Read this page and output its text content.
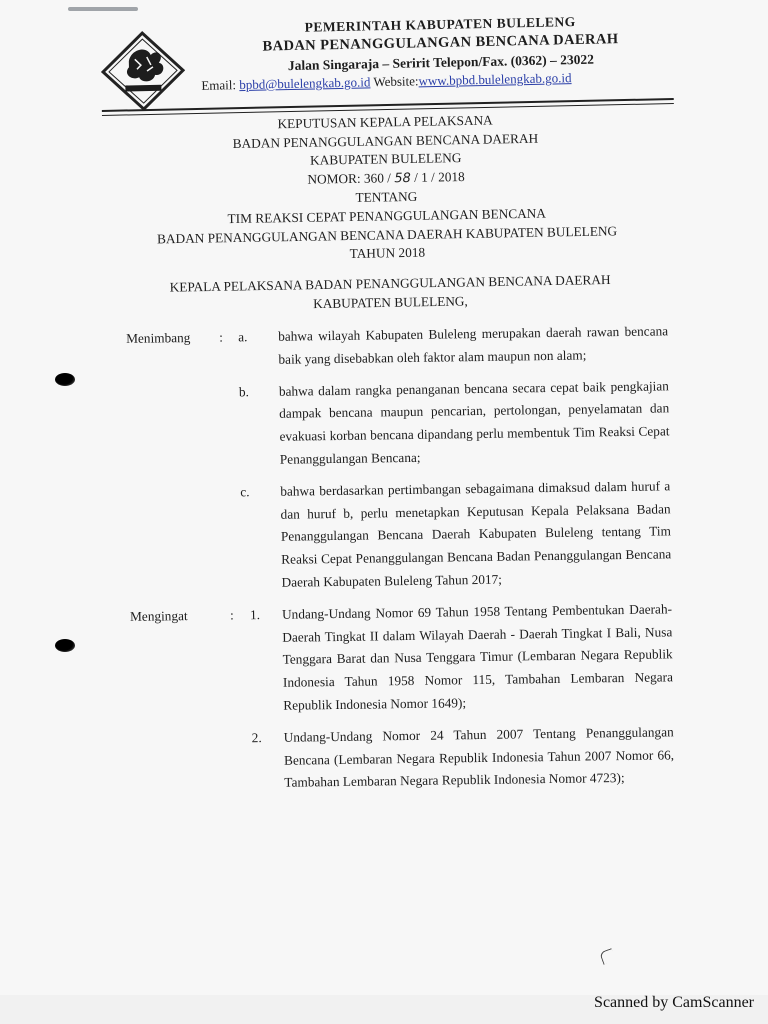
PEMERINTAH KABUPATEN BULELENG
BADAN PENANGGULANGAN BENCANA DAERAH
Jalan Singaraja – Seririt Telepon/Fax. (0362) – 23022
Email: bpbd@bulelengkab.go.id Website:www.bpbd.bulelengkab.go.id
KEPUTUSAN KEPALA PELAKSANA
BADAN PENANGGULANGAN BENCANA DAERAH
KABUPATEN BULELENG
NOMOR: 360 / 58 / 1 / 2018
TENTANG
TIM REAKSI CEPAT PENANGGULANGAN BENCANA
BADAN PENANGGULANGAN BENCANA DAERAH KABUPATEN BULELENG
TAHUN 2018
KEPALA PELAKSANA BADAN PENANGGULANGAN BENCANA DAERAH
KABUPATEN BULELENG,
Menimbang	: a. bahwa wilayah Kabupaten Buleleng merupakan daerah rawan bencana baik yang disebabkan oleh faktor alam maupun non alam;
b. bahwa dalam rangka penanganan bencana secara cepat baik pengkajian dampak bencana maupun pencarian, pertolongan, penyelamatan dan evakuasi korban bencana dipandang perlu membentuk Tim Reaksi Cepat Penanggulangan Bencana;
c. bahwa berdasarkan pertimbangan sebagaimana dimaksud dalam huruf a dan huruf b, perlu menetapkan Keputusan Kepala Pelaksana Badan Penanggulangan Bencana Daerah Kabupaten Buleleng tentang Tim Reaksi Cepat Penanggulangan Bencana Badan Penanggulangan Bencana Daerah Kabupaten Buleleng Tahun 2017;
Mengingat	: 1. Undang-Undang Nomor 69 Tahun 1958 Tentang Pembentukan Daerah-Daerah Tingkat II dalam Wilayah Daerah - Daerah Tingkat I Bali, Nusa Tenggara Barat dan Nusa Tenggara Timur (Lembaran Negara Republik Indonesia Tahun 1958 Nomor 115, Tambahan Lembaran Negara Republik Indonesia Nomor 1649);
2. Undang-Undang Nomor 24 Tahun 2007 Tentang Penanggulangan Bencana (Lembaran Negara Republik Indonesia Tahun 2007 Nomor 66, Tambahan Lembaran Negara Republik Indonesia Nomor 4723);
Scanned by CamScanner
